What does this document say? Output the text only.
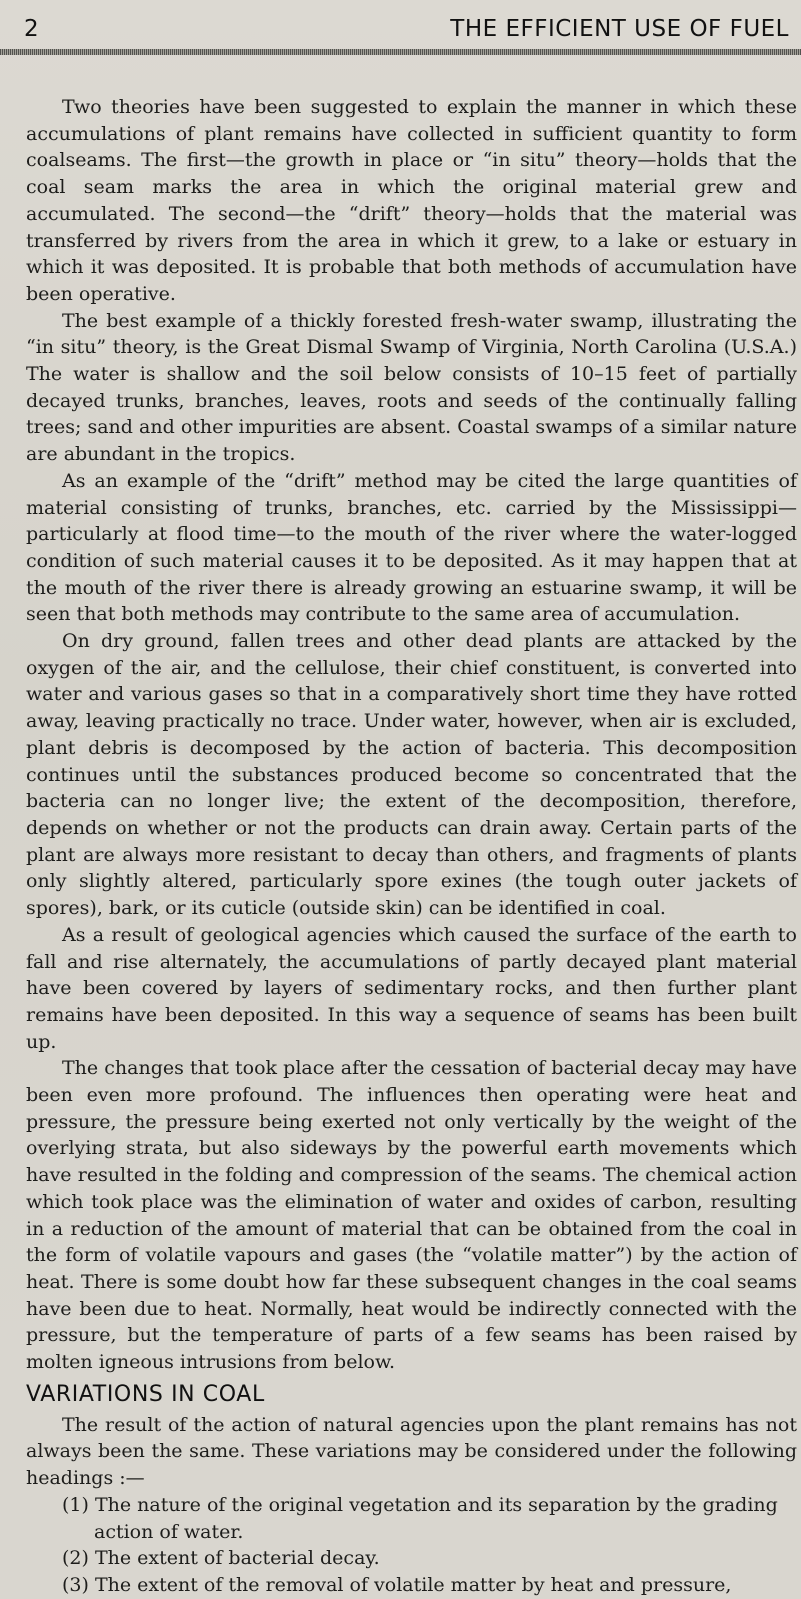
2	THE EFFICIENT USE OF FUEL

Two theories have been suggested to explain the manner in which these accumulations of plant remains have collected in sufficient quantity to form coalseams. The first—the growth in place or “in situ” theory—holds that the coal seam marks the area in which the original material grew and accumulated. The second—the “drift” theory—holds that the material was transferred by rivers from the area in which it grew, to a lake or estuary in which it was deposited. It is probable that both methods of accumulation have been operative.

The best example of a thickly forested fresh-water swamp, illustrating the “in situ” theory, is the Great Dismal Swamp of Virginia, North Carolina (U.S.A.) The water is shallow and the soil below consists of 10–15 feet of partially decayed trunks, branches, leaves, roots and seeds of the continually falling trees; sand and other impurities are absent. Coastal swamps of a similar nature are abundant in the tropics.

As an example of the “drift” method may be cited the large quantities of material consisting of trunks, branches, etc. carried by the Mississippi—particularly at flood time—to the mouth of the river where the water-logged condition of such material causes it to be deposited. As it may happen that at the mouth of the river there is already growing an estuarine swamp, it will be seen that both methods may contribute to the same area of accumulation.

On dry ground, fallen trees and other dead plants are attacked by the oxygen of the air, and the cellulose, their chief constituent, is converted into water and various gases so that in a comparatively short time they have rotted away, leaving practically no trace. Under water, however, when air is excluded, plant debris is decomposed by the action of bacteria. This decomposition continues until the substances produced become so concentrated that the bacteria can no longer live; the extent of the decomposition, therefore, depends on whether or not the products can drain away. Certain parts of the plant are always more resistant to decay than others, and fragments of plants only slightly altered, particularly spore exines (the tough outer jackets of spores), bark, or its cuticle (outside skin) can be identified in coal.

As a result of geological agencies which caused the surface of the earth to fall and rise alternately, the accumulations of partly decayed plant material have been covered by layers of sedimentary rocks, and then further plant remains have been deposited. In this way a sequence of seams has been built up.

The changes that took place after the cessation of bacterial decay may have been even more profound. The influences then operating were heat and pressure, the pressure being exerted not only vertically by the weight of the overlying strata, but also sideways by the powerful earth movements which have resulted in the folding and compression of the seams. The chemical action which took place was the elimination of water and oxides of carbon, resulting in a reduction of the amount of material that can be obtained from the coal in the form of volatile vapours and gases (the “volatile matter”) by the action of heat. There is some doubt how far these subsequent changes in the coal seams have been due to heat. Normally, heat would be indirectly connected with the pressure, but the temperature of parts of a few seams has been raised by molten igneous intrusions from below.

VARIATIONS IN COAL

The result of the action of natural agencies upon the plant remains has not always been the same. These variations may be considered under the following headings :—

(1) The nature of the original vegetation and its separation by the grading action of water.
(2) The extent of bacterial decay.
(3) The extent of the removal of volatile matter by heat and pressure,
